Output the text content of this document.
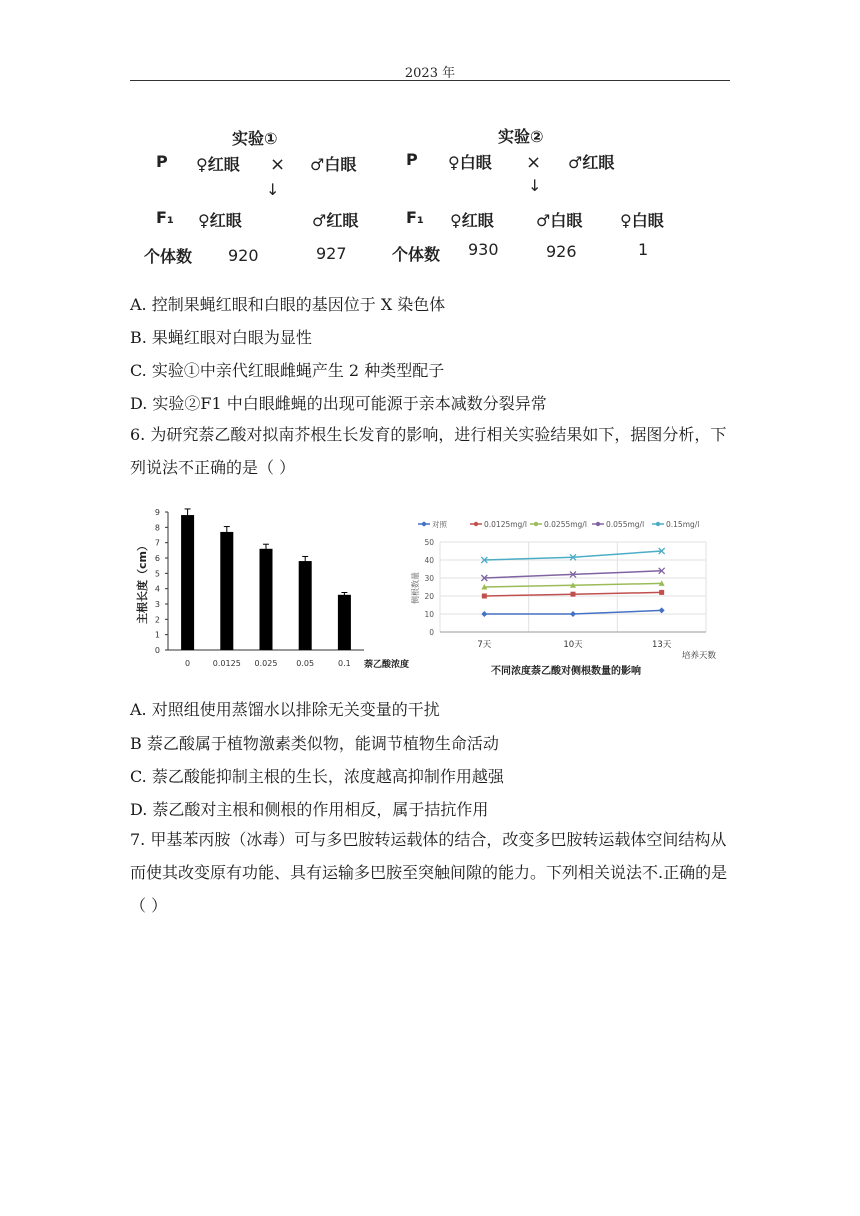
2023 年
实验①
P ♀红眼 × ♂白眼
↓
F₁ ♀红眼	♂红眼
个体数 920	927
实验②
P ♀白眼 × ♂红眼
↓
F₁ ♀红眼	♂白眼 ♀白眼
个体数 930	926	1
A. 控制果蝇红眼和白眼的基因位于 X 染色体
B. 果蝇红眼对白眼为显性
C. 实验①中亲代红眼雌蝇产生 2 种类型配子
D. 实验②F1 中白眼雌蝇的出现可能源于亲本减数分裂异常
6. 为研究萘乙酸对拟南芥根生长发育的影响，进行相关实验结果如下，据图分析，下列说法不正确的是（ ）
0
1
2
3
4
5
6
7
8
9
0	0.0125 0.025 0.05	0.1 萘乙酸浓度
主根长度（cm）
对照	0.0125mg/l 0.0255mg/l	0.055mg/l	0.15mg/l
0
10
20
30
40
50
7天	10天	13天
培养天数
侧根数量
不同浓度萘乙酸对侧根数量的影响
A. 对照组使用蒸馏水以排除无关变量的干扰
B 萘乙酸属于植物激素类似物，能调节植物生命活动
C. 萘乙酸能抑制主根的生长，浓度越高抑制作用越强
D. 萘乙酸对主根和侧根的作用相反，属于拮抗作用
7. 甲基苯丙胺（冰毒）可与多巴胺转运载体的结合，改变多巴胺转运载体空间结构从而使其改变原有功能、具有运输多巴胺至突触间隙的能力。下列相关说法不.正确的是（ ）
